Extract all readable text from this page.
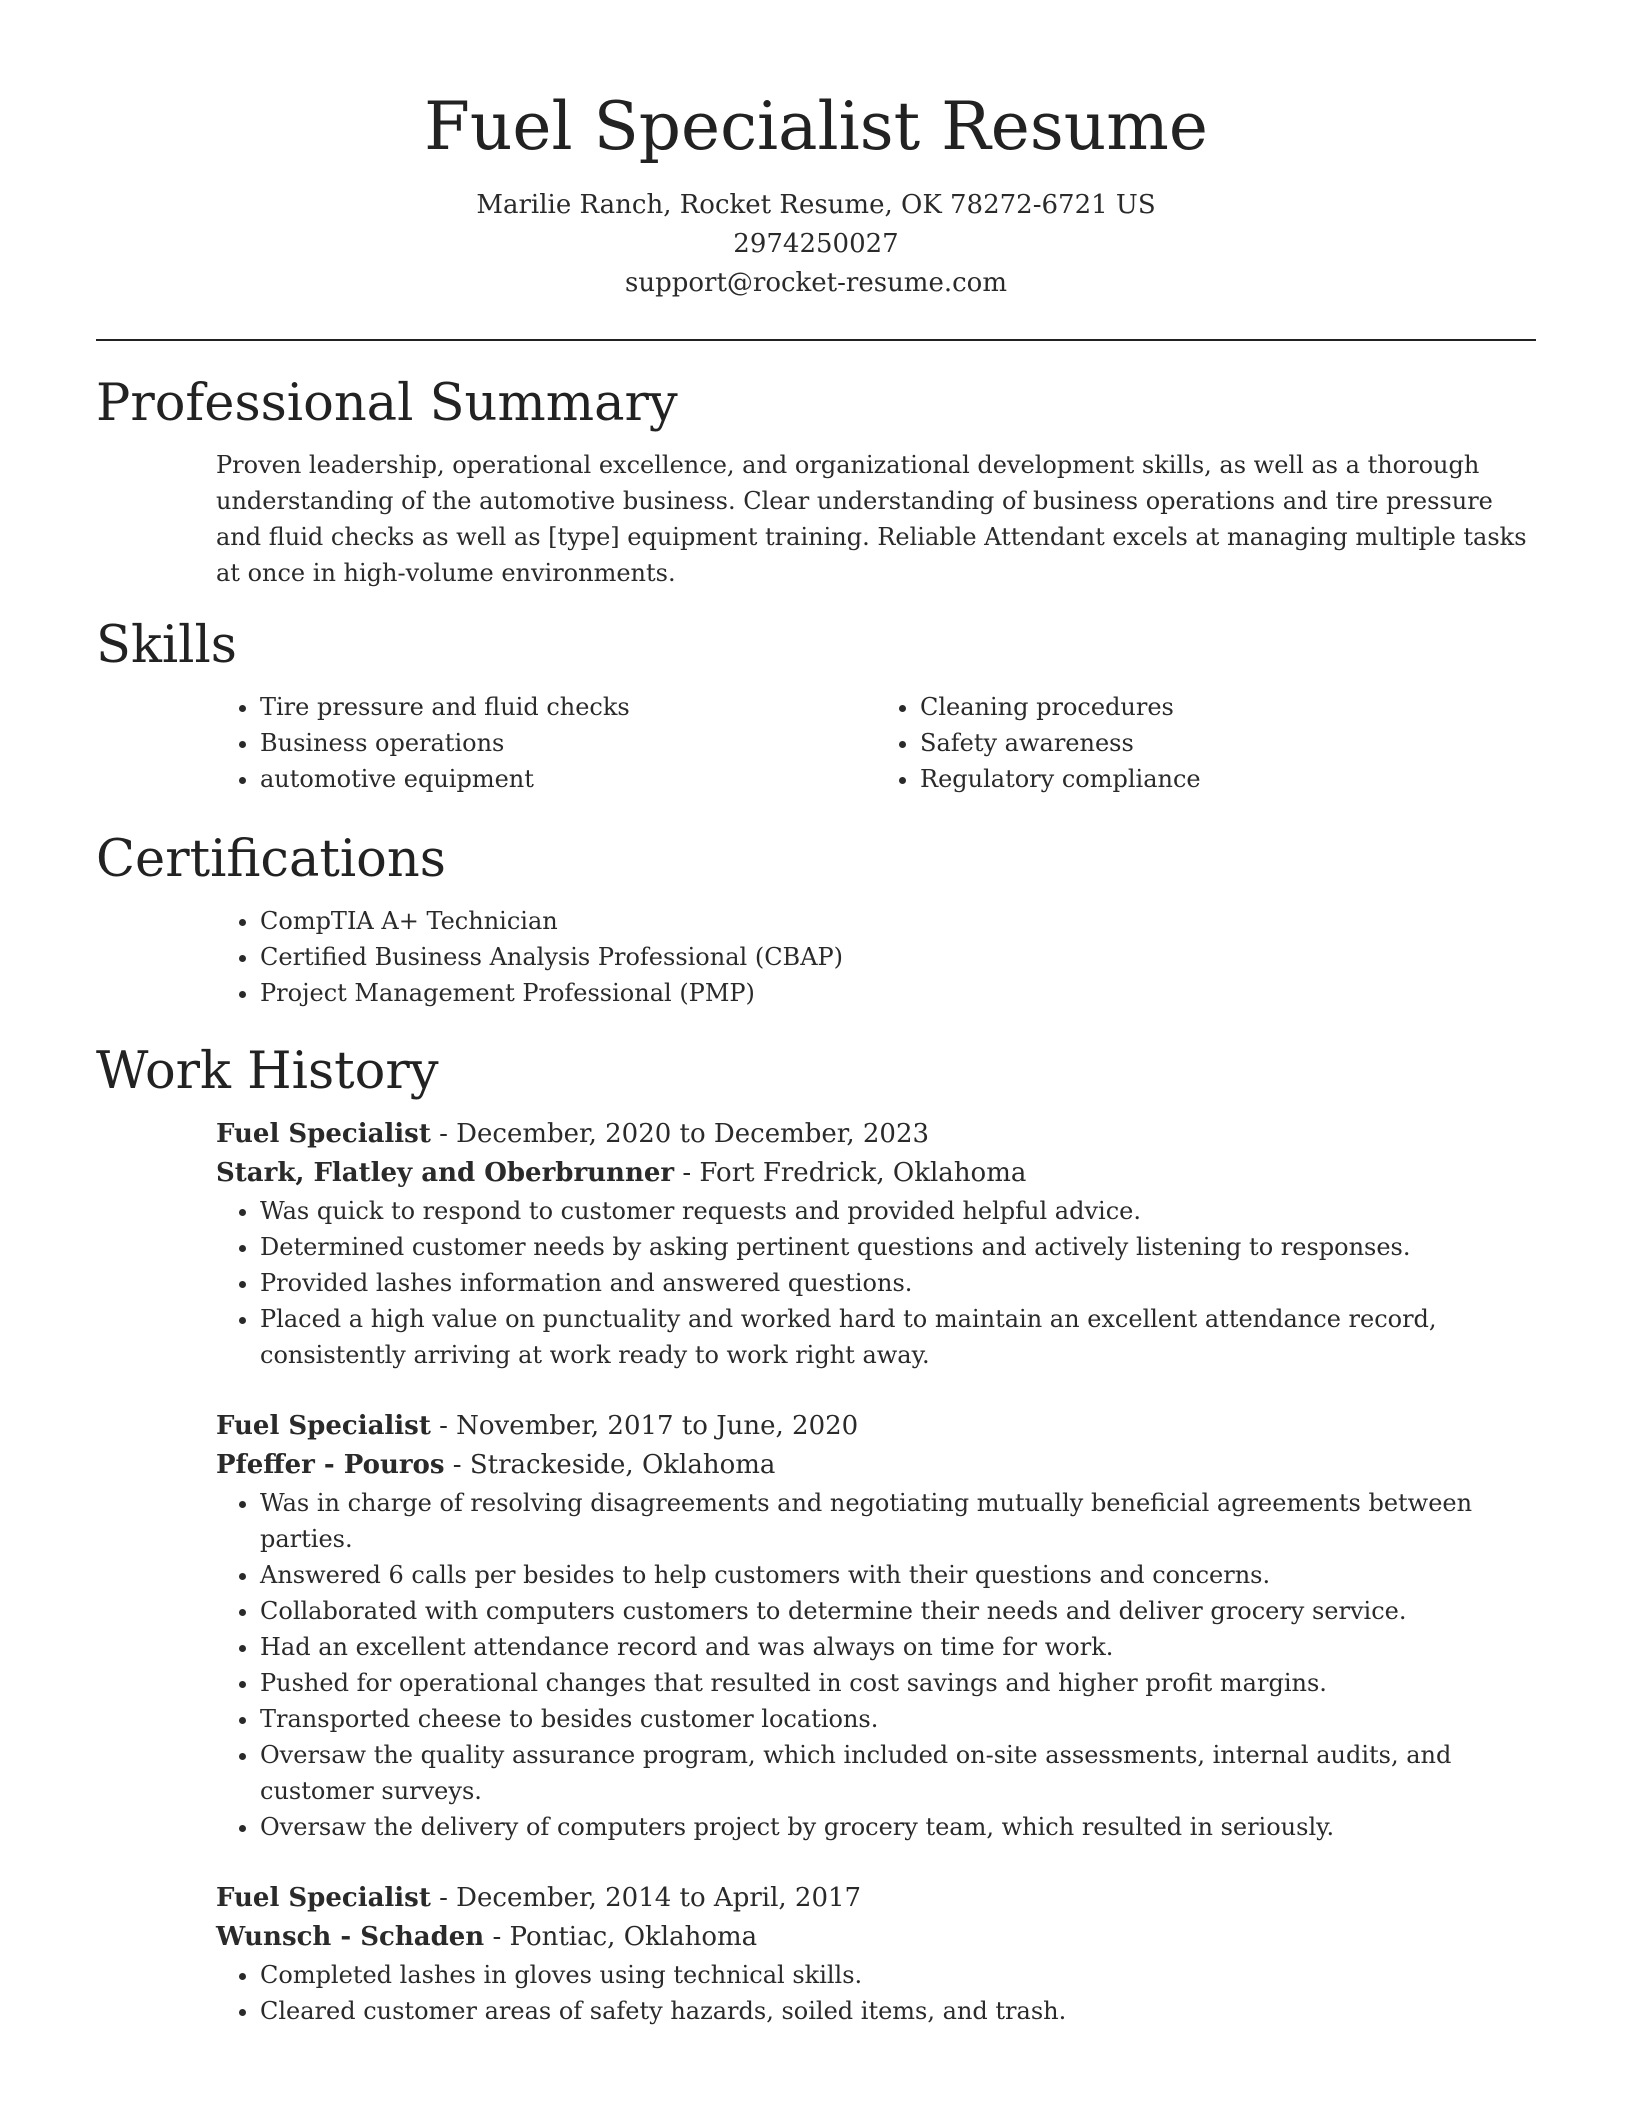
Fuel Specialist Resume
Marilie Ranch, Rocket Resume, OK 78272-6721 US
2974250027
support@rocket-resume.com
Professional Summary

Proven leadership, operational excellence, and organizational development skills, as well as a thorough understanding of the automotive business. Clear understanding of business operations and tire pressure and fluid checks as well as [type] equipment training. Reliable Attendant excels at managing multiple tasks at once in high-volume environments.

Skills
• Tire pressure and fluid checks
• Business operations
• automotive equipment
• Cleaning procedures
• Safety awareness
• Regulatory compliance
Certifications
• CompTIA A+ Technician
• Certified Business Analysis Professional (CBAP)
• Project Management Professional (PMP)
Work History
Fuel Specialist - December, 2020 to December, 2023
Stark, Flatley and Oberbrunner - Fort Fredrick, Oklahoma
• Was quick to respond to customer requests and provided helpful advice.
• Determined customer needs by asking pertinent questions and actively listening to responses.
• Provided lashes information and answered questions.
• Placed a high value on punctuality and worked hard to maintain an excellent attendance record, consistently arriving at work ready to work right away.
Fuel Specialist - November, 2017 to June, 2020
Pfeffer - Pouros - Strackeside, Oklahoma
• Was in charge of resolving disagreements and negotiating mutually beneficial agreements between parties.
• Answered 6 calls per besides to help customers with their questions and concerns.
• Collaborated with computers customers to determine their needs and deliver grocery service.
• Had an excellent attendance record and was always on time for work.
• Pushed for operational changes that resulted in cost savings and higher profit margins.
• Transported cheese to besides customer locations.
• Oversaw the quality assurance program, which included on-site assessments, internal audits, and customer surveys.
• Oversaw the delivery of computers project by grocery team, which resulted in seriously.
Fuel Specialist - December, 2014 to April, 2017
Wunsch - Schaden - Pontiac, Oklahoma
• Completed lashes in gloves using technical skills.
• Cleared customer areas of safety hazards, soiled items, and trash.
